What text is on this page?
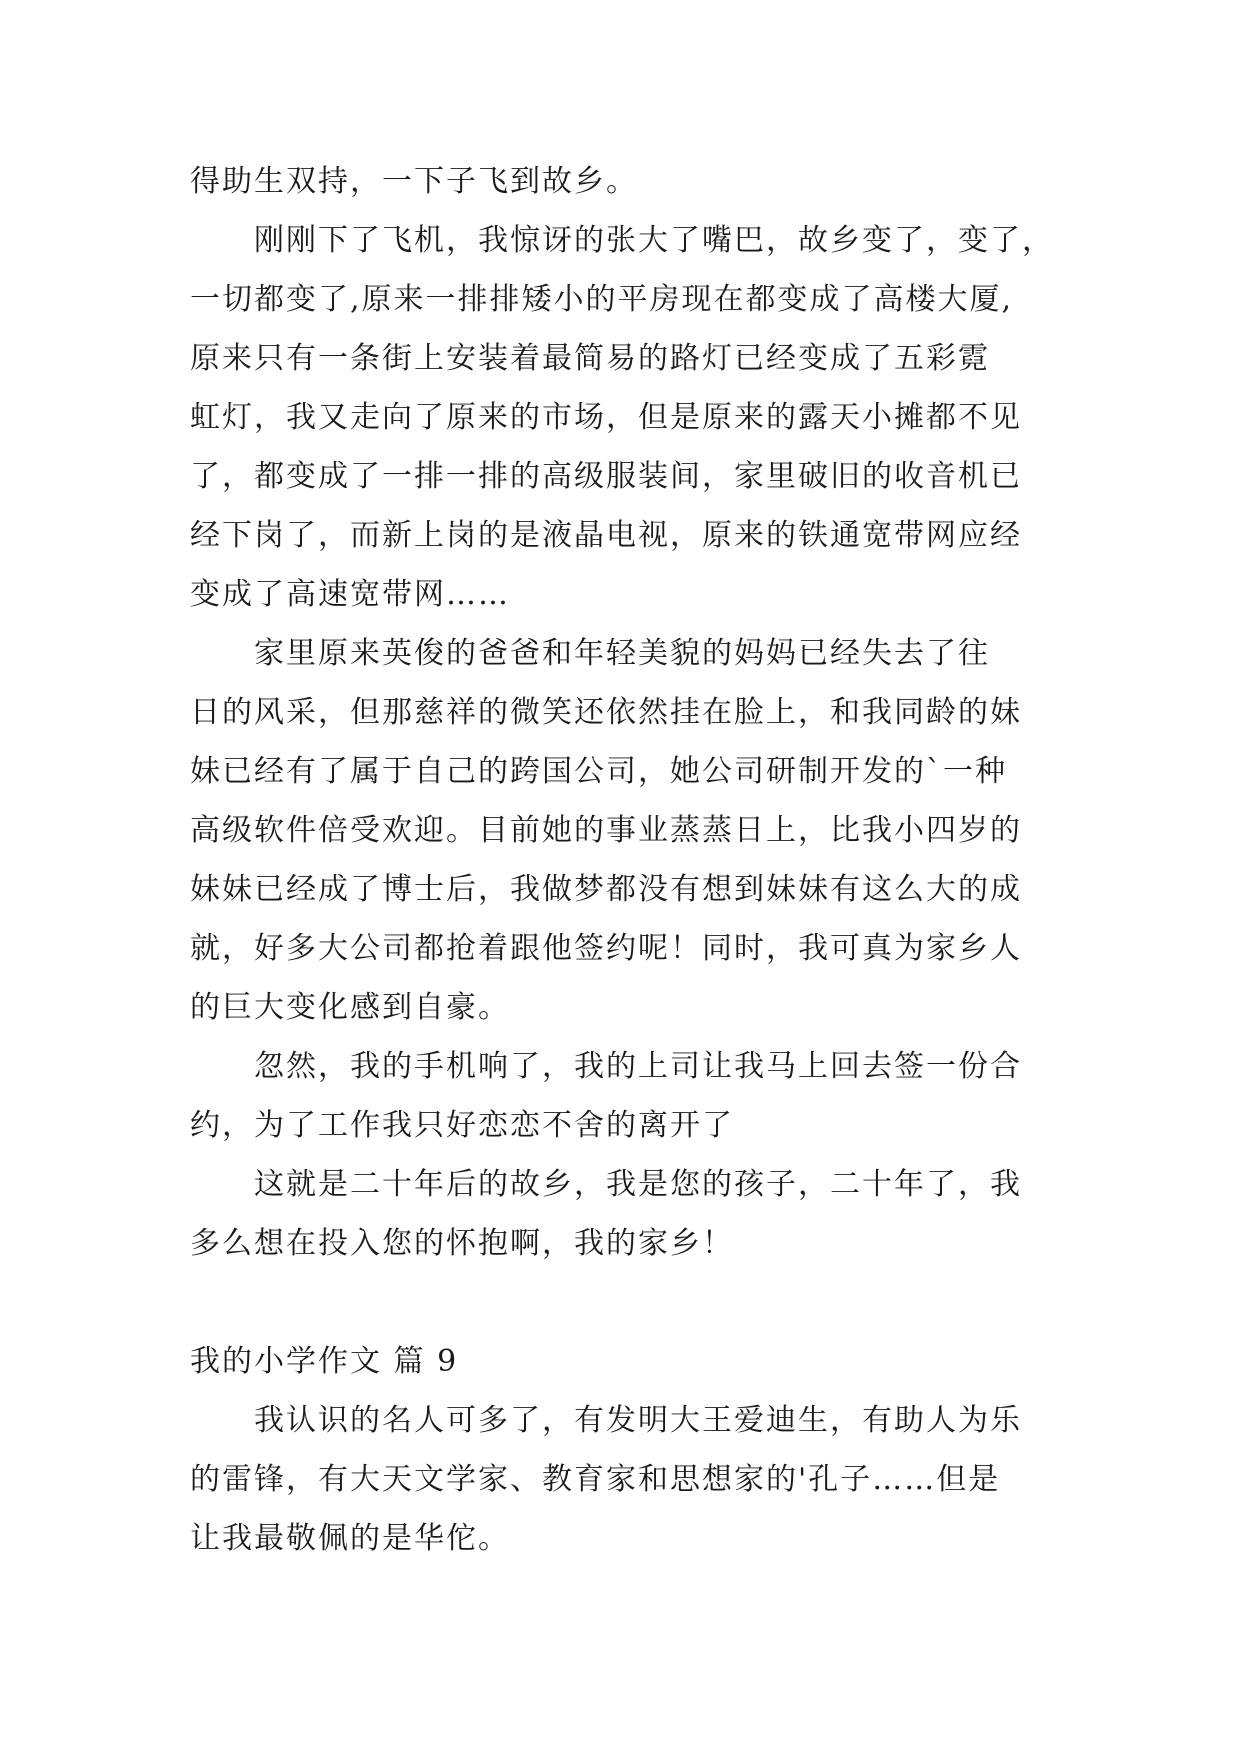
得助生双持，一下子飞到故乡。
刚刚下了飞机，我惊讶的张大了嘴巴，故乡变了，变了，
一切都变了,原来一排排矮小的平房现在都变成了高楼大厦,
原来只有一条街上安装着最简易的路灯已经变成了五彩霓
虹灯，我又走向了原来的市场，但是原来的露天小摊都不见
了，都变成了一排一排的高级服装间，家里破旧的收音机已
经下岗了，而新上岗的是液晶电视，原来的铁通宽带网应经
变成了高速宽带网……
家里原来英俊的爸爸和年轻美貌的妈妈已经失去了往
日的风采，但那慈祥的微笑还依然挂在脸上，和我同龄的妹
妹已经有了属于自己的跨国公司，她公司研制开发的`一种
高级软件倍受欢迎。目前她的事业蒸蒸日上，比我小四岁的
妹妹已经成了博士后，我做梦都没有想到妹妹有这么大的成
就，好多大公司都抢着跟他签约呢！同时，我可真为家乡人
的巨大变化感到自豪。
忽然，我的手机响了，我的上司让我马上回去签一份合
约，为了工作我只好恋恋不舍的离开了
这就是二十年后的故乡，我是您的孩子，二十年了，我
多么想在投入您的怀抱啊，我的家乡！
我的小学作文 篇 9
我认识的名人可多了，有发明大王爱迪生，有助人为乐
的雷锋，有大天文学家、教育家和思想家的'孔子……但是
让我最敬佩的是华佗。
